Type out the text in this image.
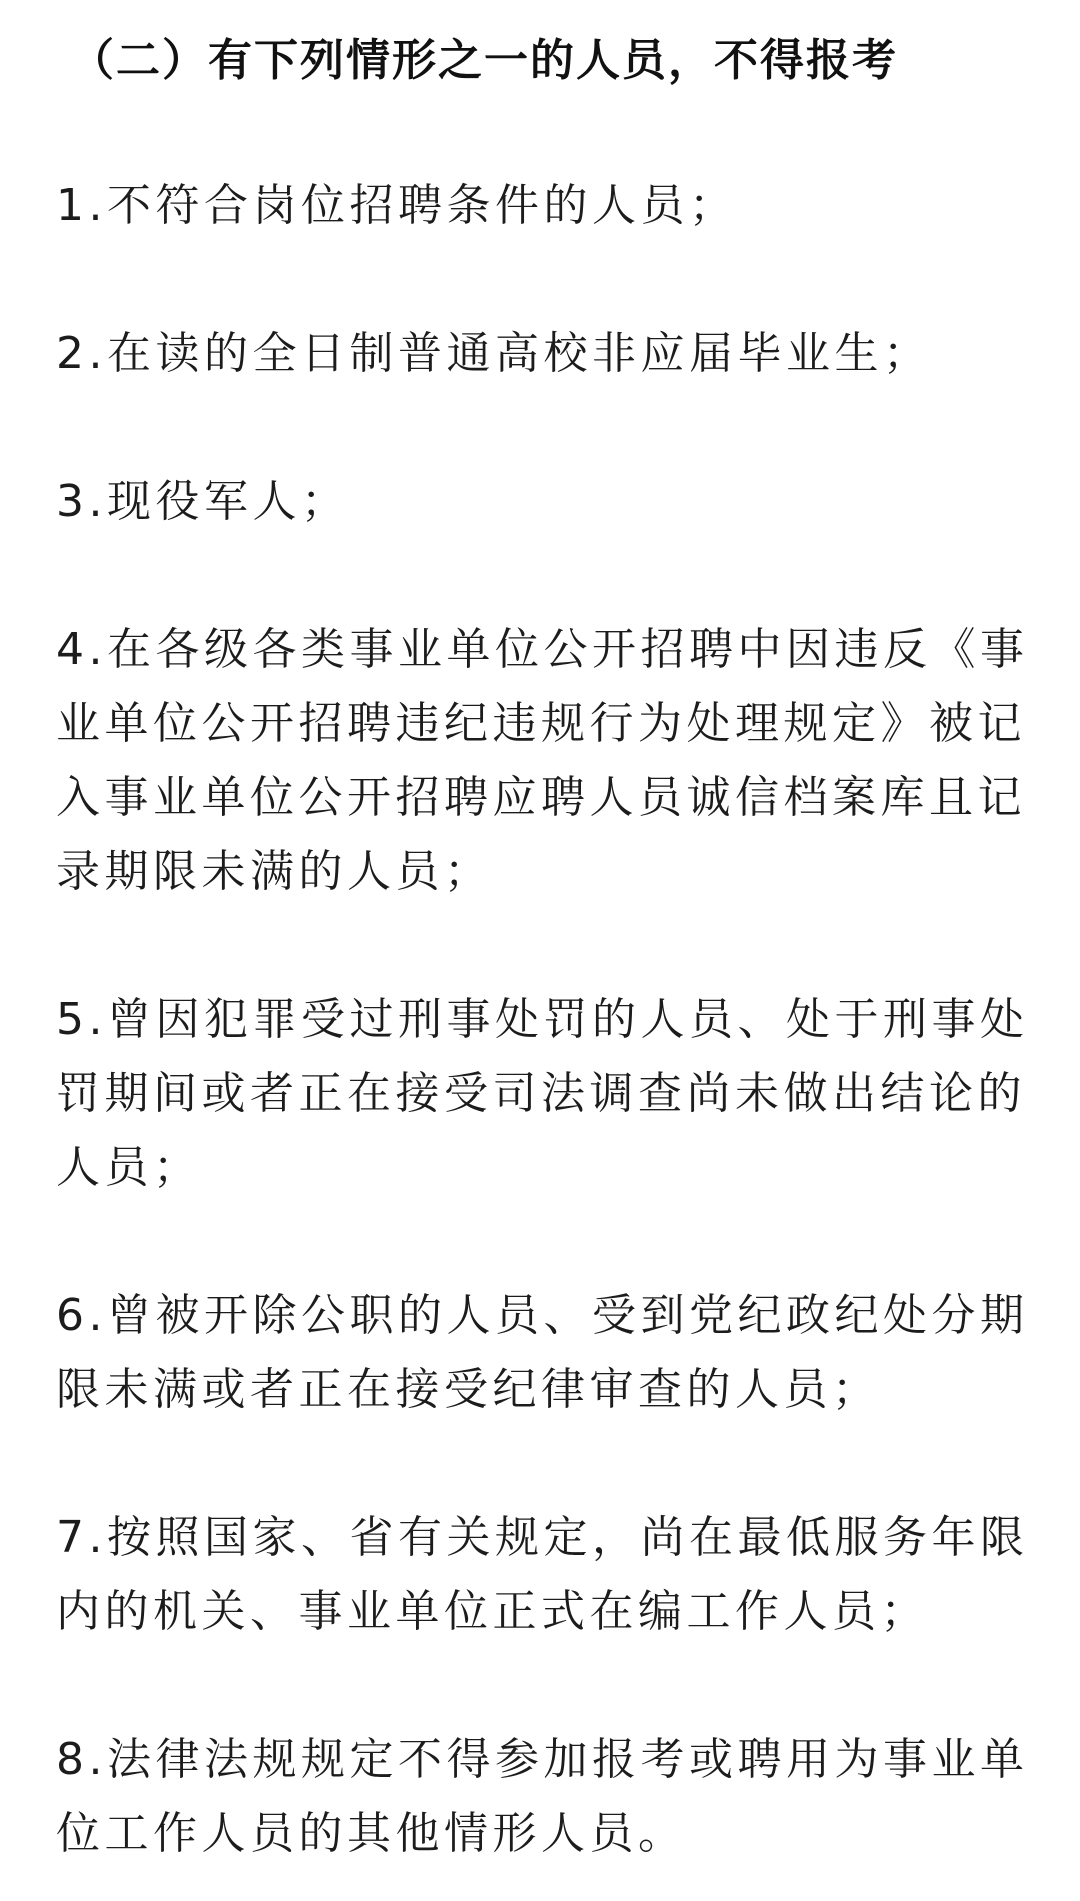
（二）有下列情形之一的人员，不得报考
1.不符合岗位招聘条件的人员；
2.在读的全日制普通高校非应届毕业生；
3.现役军人；
4.在各级各类事业单位公开招聘中因违反《事业单位公开招聘违纪违规行为处理规定》被记入事业单位公开招聘应聘人员诚信档案库且记录期限未满的人员；
5.曾因犯罪受过刑事处罚的人员、处于刑事处罚期间或者正在接受司法调查尚未做出结论的人员；
6.曾被开除公职的人员、受到党纪政纪处分期限未满或者正在接受纪律审查的人员；
7.按照国家、省有关规定，尚在最低服务年限内的机关、事业单位正式在编工作人员；
8.法律法规规定不得参加报考或聘用为事业单位工作人员的其他情形人员。
